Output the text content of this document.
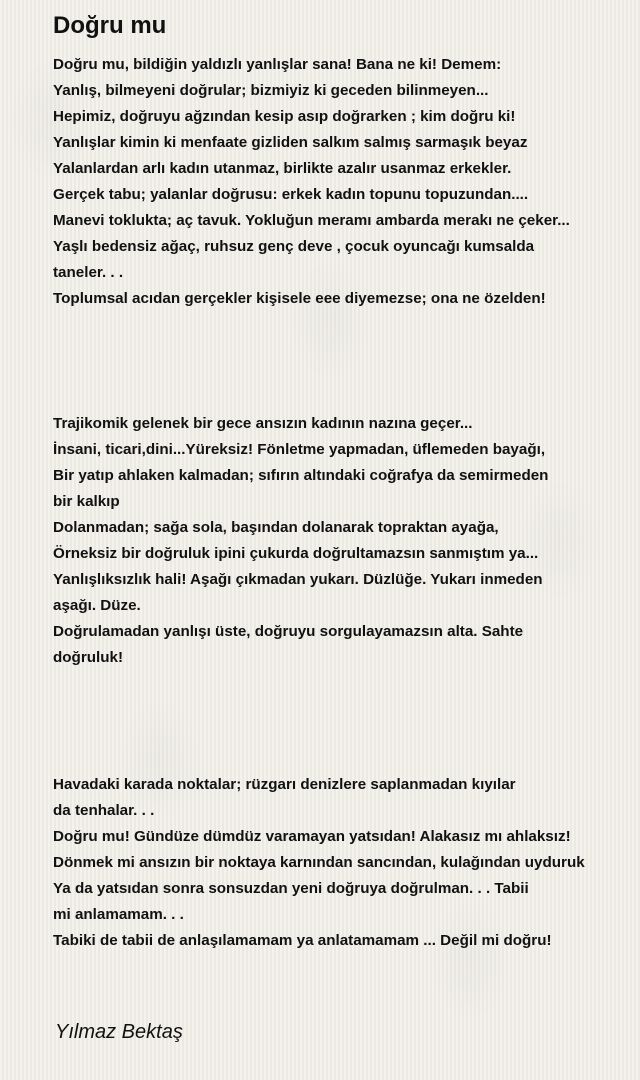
Doğru mu
Doğru mu, bildiğin yaldızlı yanlışlar sana! Bana ne ki! Demem:
Yanlış, bilmeyeni doğrular; bizmiyiz ki geceden bilinmeyen...
Hepimiz, doğruyu ağzından kesip asıp doğrarken ; kim doğru ki!
Yanlışlar kimin ki menfaate gizliden salkım salmış sarmaşık beyaz
Yalanlardan arlı kadın utanmaz, birlikte azalır usanmaz erkekler.
Gerçek tabu; yalanlar doğrusu: erkek kadın topunu topuzundan....
Manevi toklukta; aç tavuk. Yokluğun meramı ambarda merakı ne çeker...
Yaşlı bedensiz ağaç, ruhsuz genç deve , çocuk oyuncağı kumsalda
taneler. . .
Toplumsal acıdan gerçekler kişisele eee diyemezse; ona ne özelden!
Trajikomik gelenek bir gece ansızın kadının nazına geçer...
İnsani, ticari,dini...Yüreksiz! Fönletme yapmadan, üflemeden bayağı,
Bir yatıp ahlaken kalmadan; sıfırın altındaki coğrafya da semirmeden
bir kalkıp
Dolanmadan; sağa sola, başından dolanarak topraktan ayağa,
Örneksiz bir doğruluk ipini çukurda doğrultamazsın sanmıştım ya...
Yanlışlıksızlık hali! Aşağı çıkmadan yukarı. Düzlüğe. Yukarı inmeden
aşağı. Düze.
Doğrulamadan yanlışı üste, doğruyu sorgulayamazsın alta. Sahte
doğruluk!
Havadaki karada noktalar; rüzgarı denizlere saplanmadan kıyılar
da tenhalar. . .
Doğru mu! Gündüze dümdüz varamayan yatsıdan! Alakasız mı ahlaksız!
Dönmek mi ansızın bir noktaya karnından sancından, kulağından uyduruk
Ya da yatsıdan sonra sonsuzdan yeni doğruya doğrulman. . . Tabii
mi anlamamam. . .
Tabiki de tabii de anlaşılamamam ya anlatamamam ... Değil mi doğru!
Yılmaz Bektaş
